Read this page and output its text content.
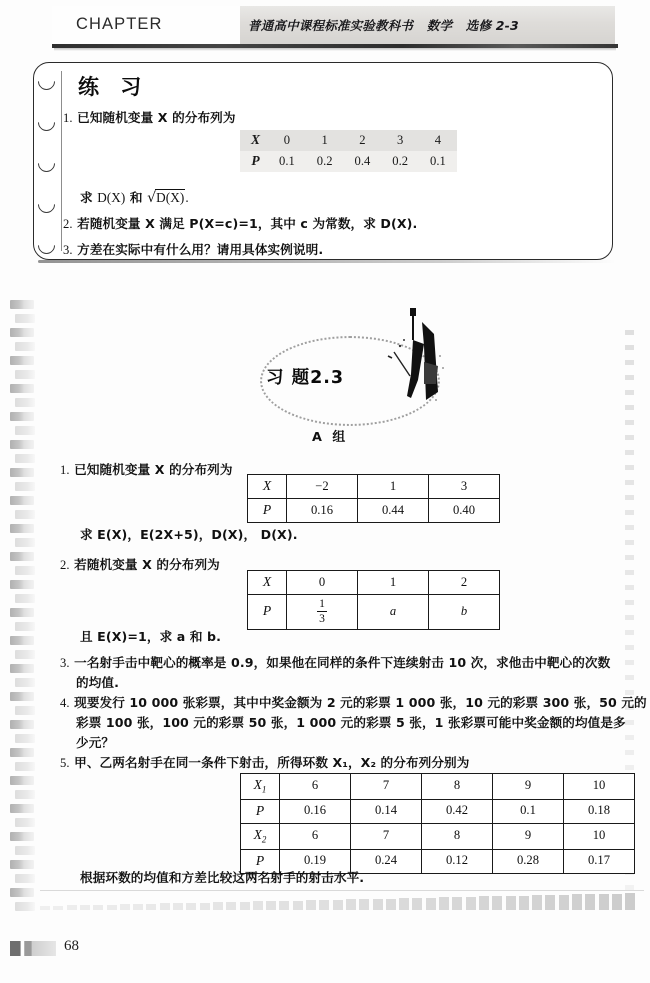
CHAPTER	普通高中课程标准实验教科书   数学   选修 2-3
练 习
1. 已知随机变量 X 的分布列为
X	0	1	2	3	4
P	0.1	0.2	0.4	0.2	0.1
求 D(X) 和 √D(X).
2. 若随机变量 X 满足 P(X=c)=1，其中 c 为常数，求 D(X).
3. 方差在实际中有什么用？请用具体实例说明.
习 题2.3
A 组
1. 已知随机变量 X 的分布列为
X	−2	1	3
P	0.16	0.44	0.40
求 E(X)，E(2X+5)，D(X)， D(X).
2. 若随机变量 X 的分布列为
X	0	1	2
P	$\frac{1}{3}$	a	b
且 E(X)=1，求 a 和 b.
3. 一名射手击中靶心的概率是 0.9，如果他在同样的条件下连续射击 10 次，求他击中靶心的次数
的均值.
4. 现要发行 10 000 张彩票，其中中奖金额为 2 元的彩票 1 000 张，10 元的彩票 300 张，50 元的
彩票 100 张，100 元的彩票 50 张，1 000 元的彩票 5 张，1 张彩票可能中奖金额的均值是多
少元？
5. 甲、乙两名射手在同一条件下射击，所得环数 X₁，X₂ 的分布列分别为
$X_1$	6	7	8	9	10
P	0.16	0.14	0.42	0.1	0.18
$X_2$	6	7	8	9	10
P	0.19	0.24	0.12	0.28	0.17
根据环数的均值和方差比较这两名射手的射击水平.
68
